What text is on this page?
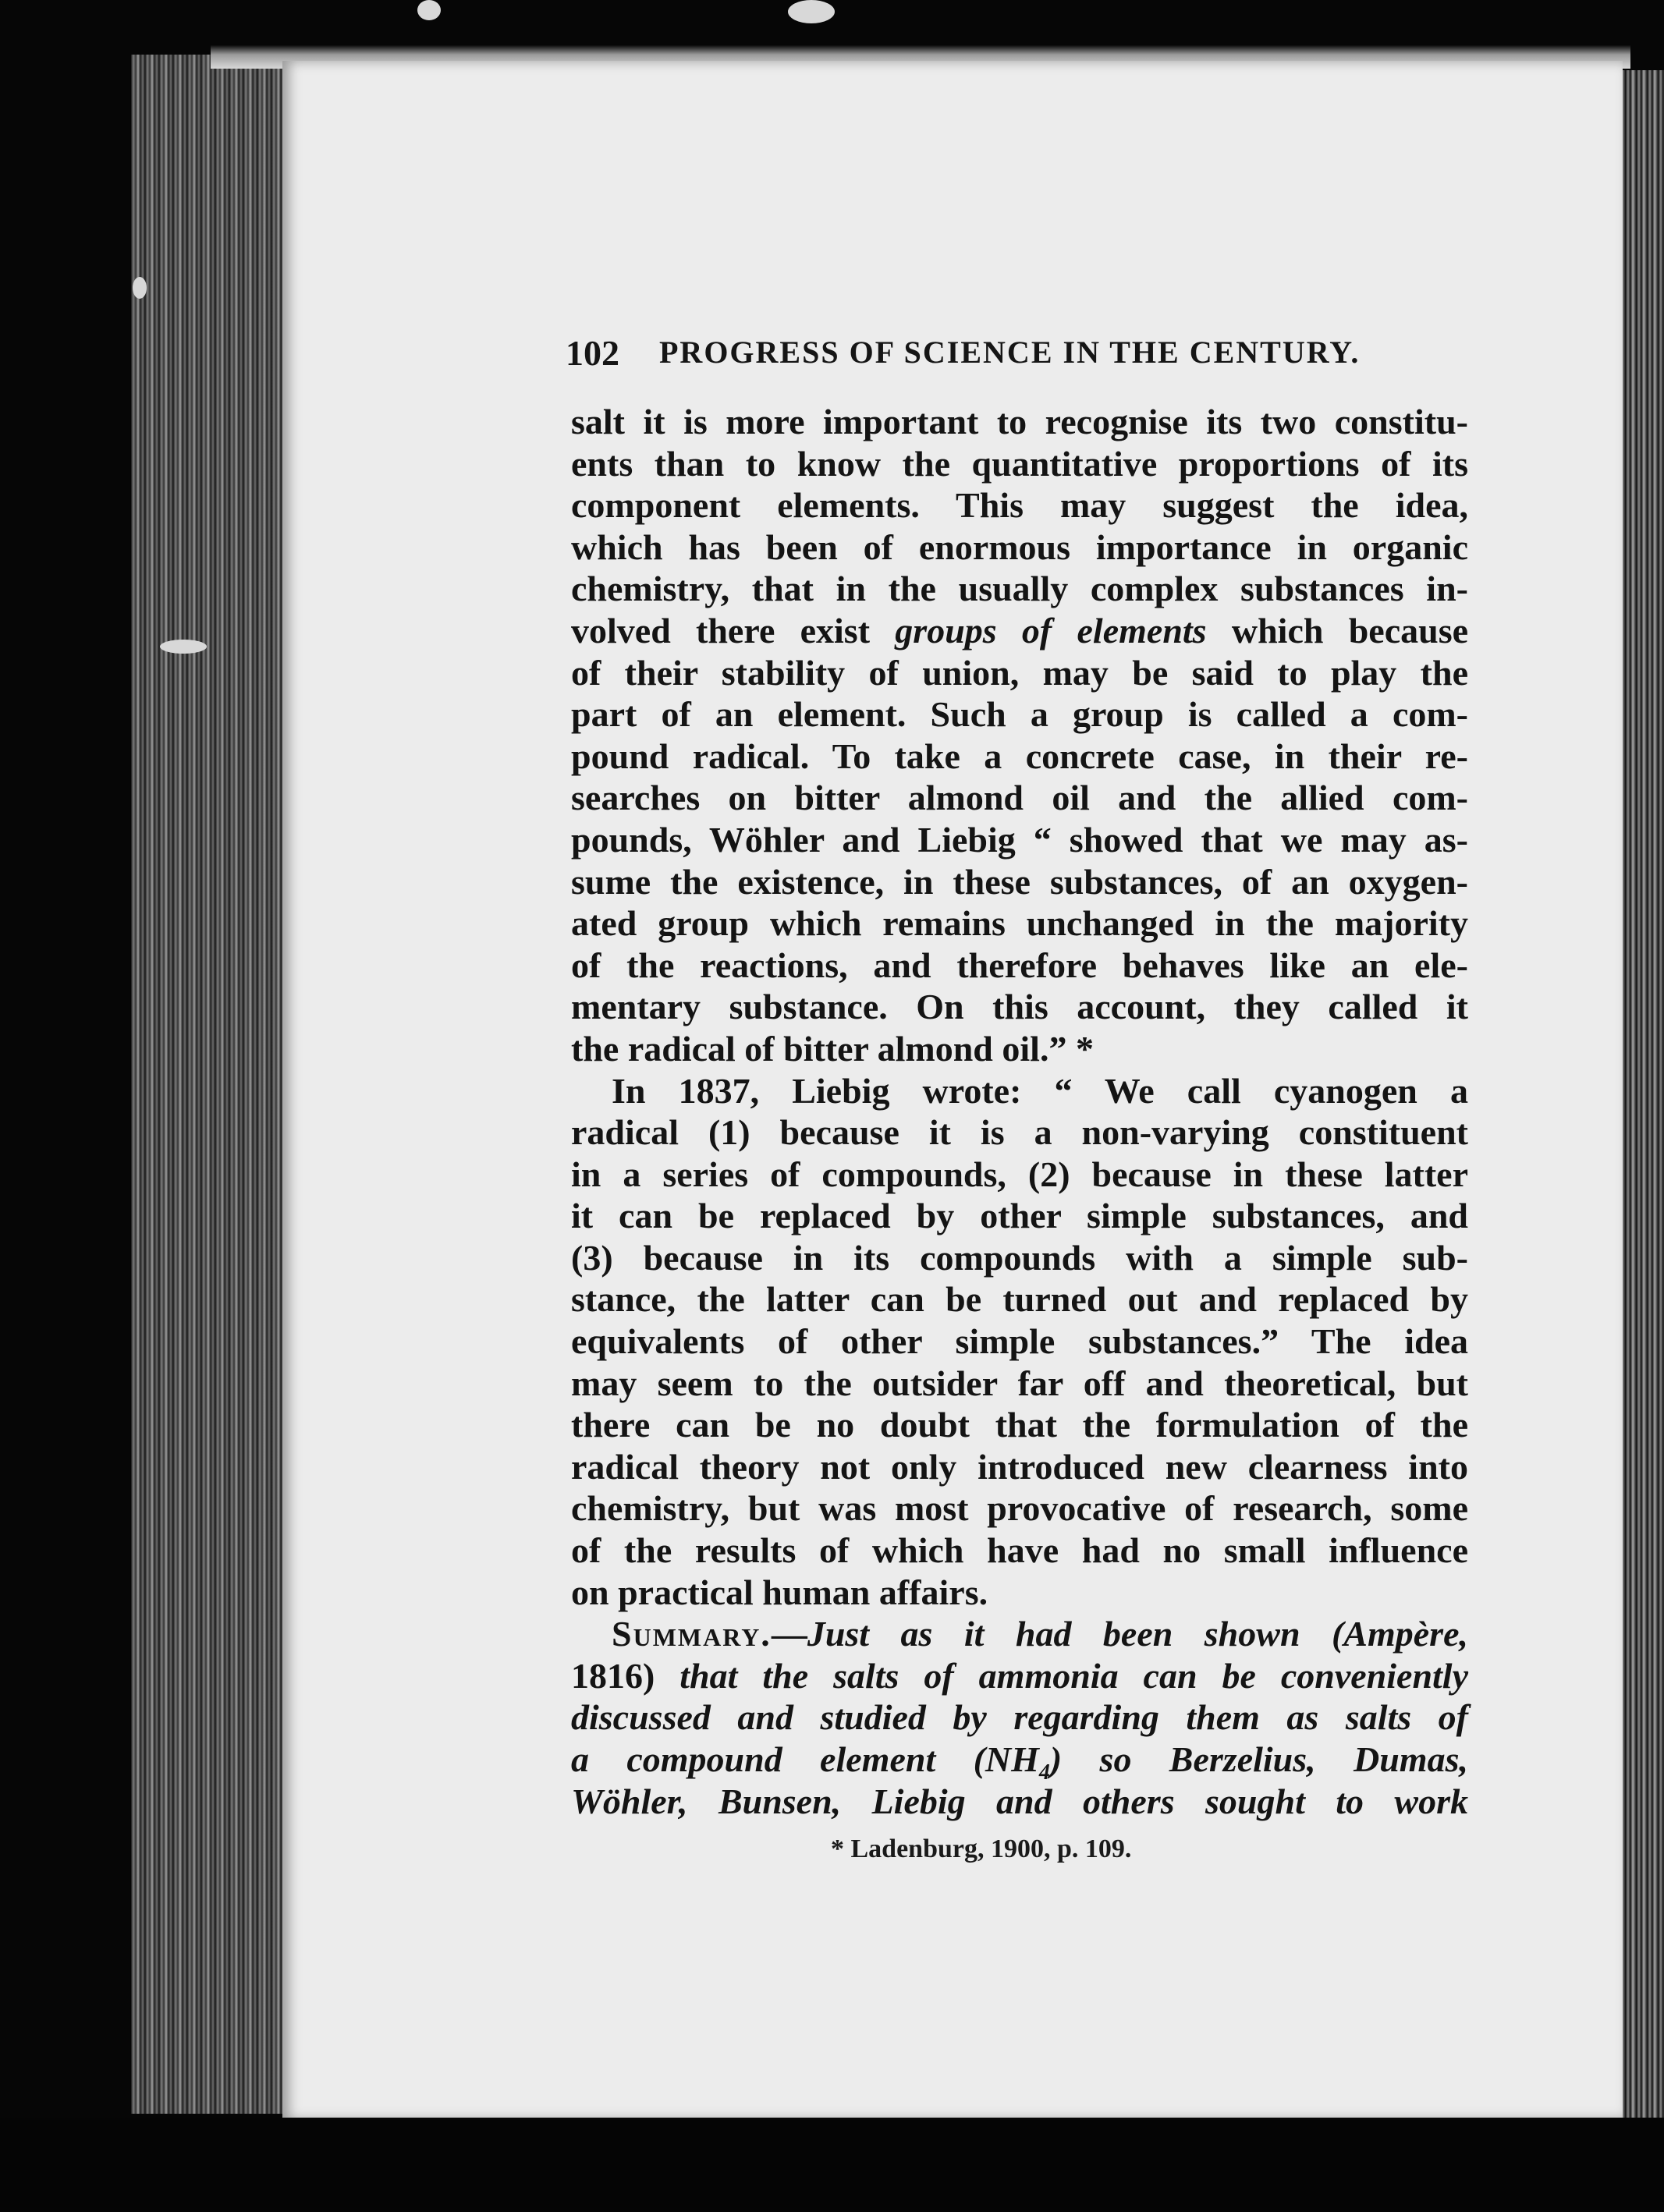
102 PROGRESS OF SCIENCE IN THE CENTURY.
salt it is more important to recognise its two constitu-
ents than to know the quantitative proportions of its
component elements. This may suggest the idea,
which has been of enormous importance in organic
chemistry, that in the usually complex substances in-
volved there exist groups of elements which because
of their stability of union, may be said to play the
part of an element. Such a group is called a com-
pound radical. To take a concrete case, in their re-
searches on bitter almond oil and the allied com-
pounds, Wöhler and Liebig “ showed that we may as-
sume the existence, in these substances, of an oxygen-
ated group which remains unchanged in the majority
of the reactions, and therefore behaves like an ele-
mentary substance. On this account, they called it
the radical of bitter almond oil.” *
In 1837, Liebig wrote: “ We call cyanogen a
radical (1) because it is a non-varying constituent
in a series of compounds, (2) because in these latter
it can be replaced by other simple substances, and
(3) because in its compounds with a simple sub-
stance, the latter can be turned out and replaced by
equivalents of other simple substances.” The idea
may seem to the outsider far off and theoretical, but
there can be no doubt that the formulation of the
radical theory not only introduced new clearness into
chemistry, but was most provocative of research, some
of the results of which have had no small influence
on practical human affairs.
Summary.—Just as it had been shown (Ampère,
1816) that the salts of ammonia can be conveniently
discussed and studied by regarding them as salts of
a compound element $(NH_4)$ so Berzelius, Dumas,
Wöhler, Bunsen, Liebig and others sought to work
* Ladenburg, 1900, p. 109.
